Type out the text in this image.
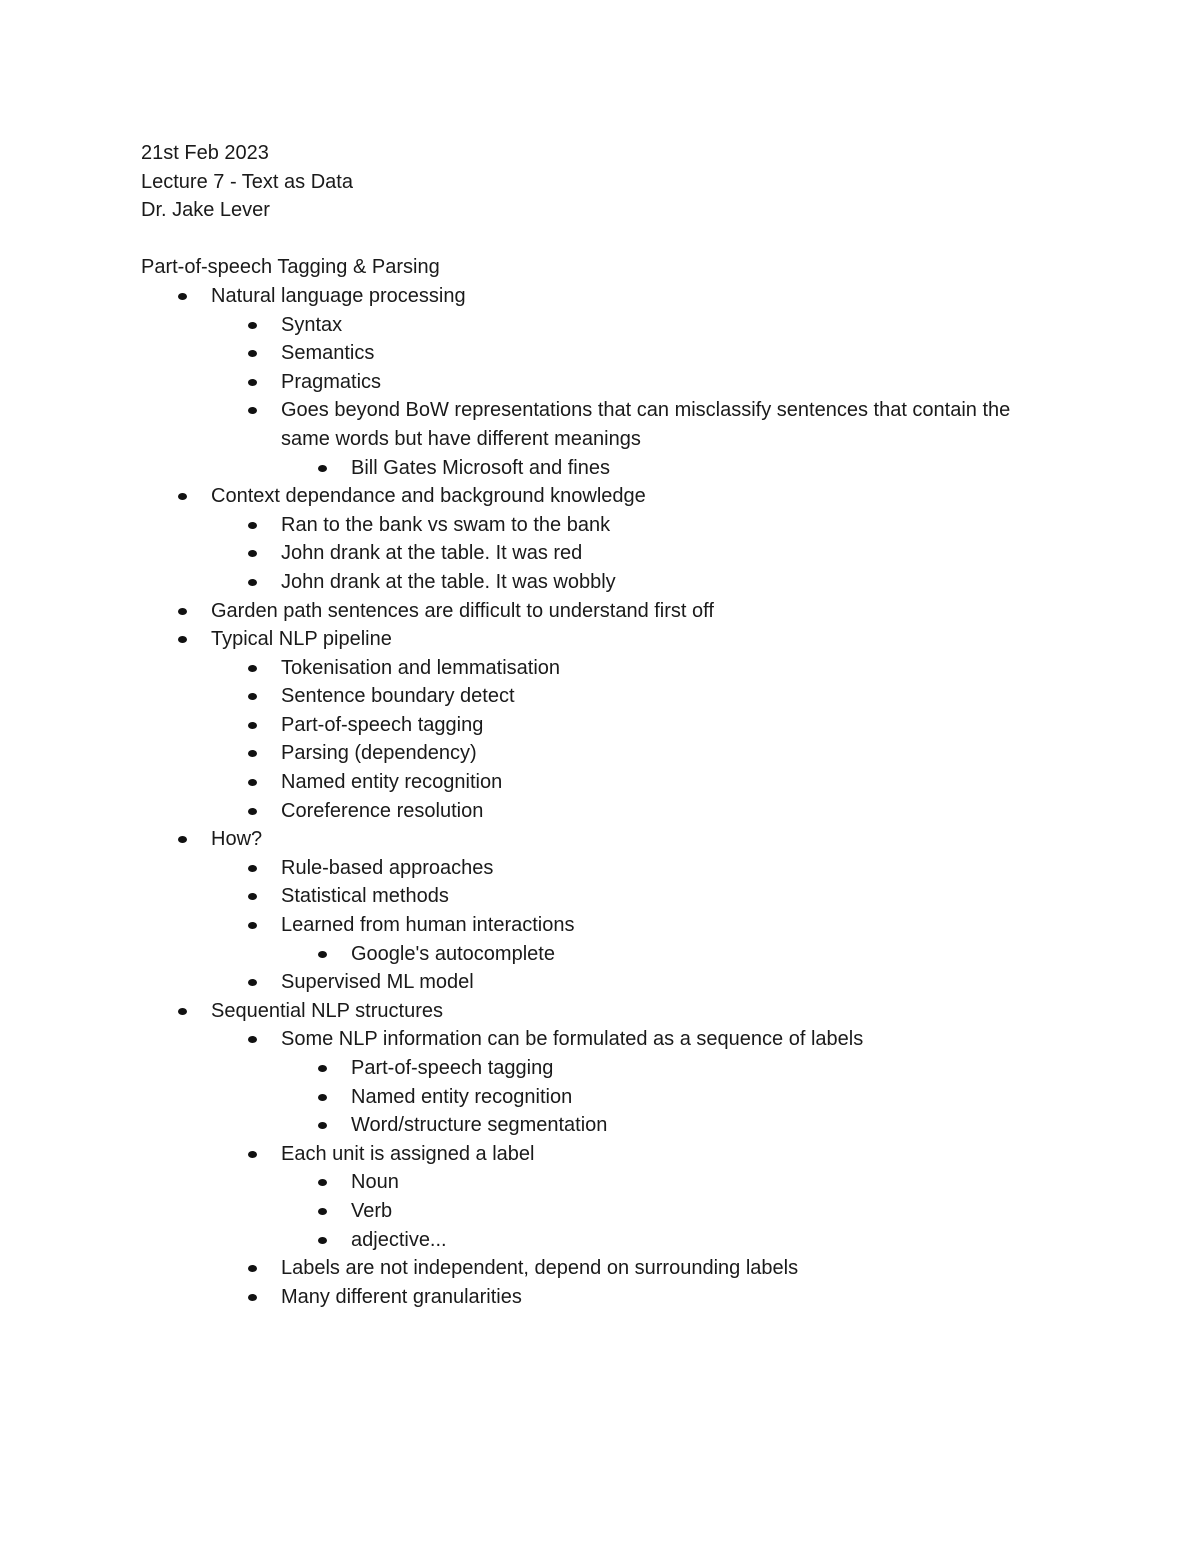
21st Feb 2023
Lecture 7 - Text as Data
Dr. Jake Lever
Part-of-speech Tagging & Parsing
Natural language processing
Syntax
Semantics
Pragmatics
Goes beyond BoW representations that can misclassify sentences that contain the same words but have different meanings
Bill Gates Microsoft and fines
Context dependance and background knowledge
Ran to the bank vs swam to the bank
John drank at the table. It was red
John drank at the table. It was wobbly
Garden path sentences are difficult to understand first off
Typical NLP pipeline
Tokenisation and lemmatisation
Sentence boundary detect
Part-of-speech tagging
Parsing (dependency)
Named entity recognition
Coreference resolution
How?
Rule-based approaches
Statistical methods
Learned from human interactions
Google's autocomplete
Supervised ML model
Sequential NLP structures
Some NLP information can be formulated as a sequence of labels
Part-of-speech tagging
Named entity recognition
Word/structure segmentation
Each unit is assigned a label
Noun
Verb
adjective...
Labels are not independent, depend on surrounding labels
Many different granularities
